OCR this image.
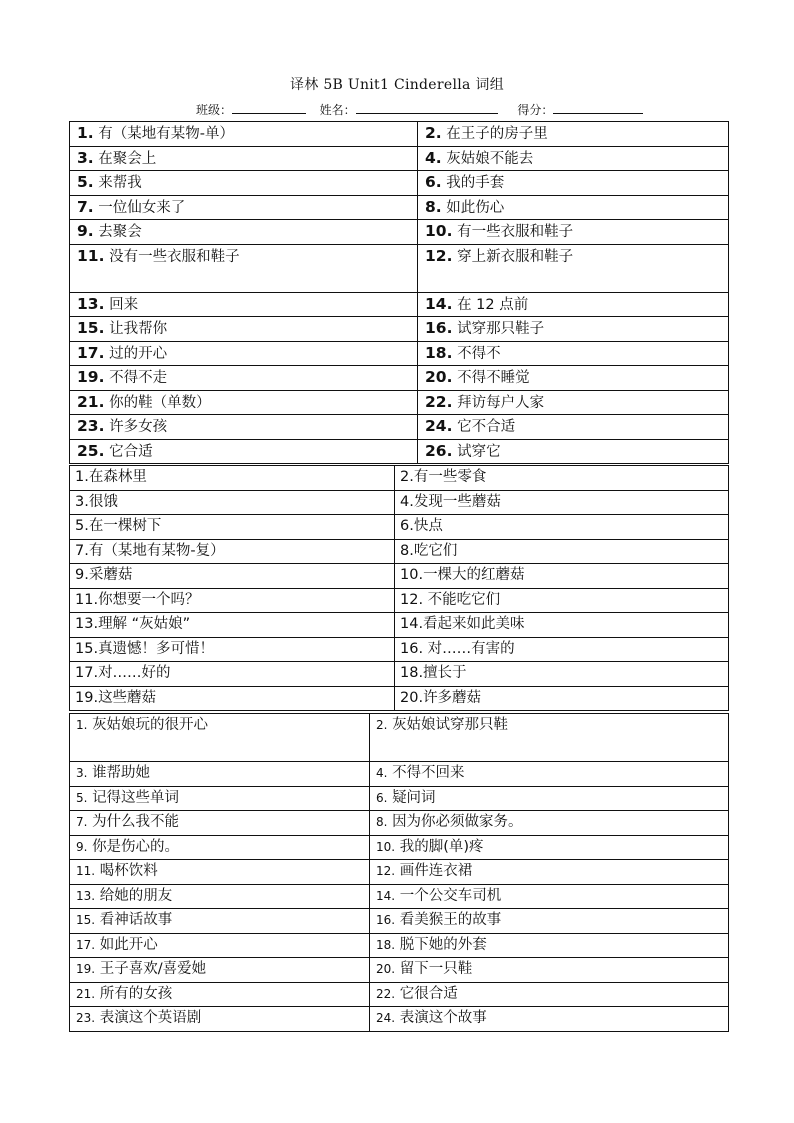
译林 5B Unit1 Cinderella 词组
班级：	姓名：	得分：
1. 有（某地有某物-单）	2. 在王子的房子里
3. 在聚会上	4. 灰姑娘不能去
5. 来帮我	6. 我的手套
7. 一位仙女来了	8. 如此伤心
9. 去聚会	10. 有一些衣服和鞋子
11. 没有一些衣服和鞋子	12. 穿上新衣服和鞋子
13. 回来	14. 在 12 点前
15. 让我帮你	16. 试穿那只鞋子
17. 过的开心	18. 不得不
19. 不得不走	20. 不得不睡觉
21. 你的鞋（单数）	22. 拜访每户人家
23. 许多女孩	24. 它不合适
25. 它合适	26. 试穿它
1.在森林里	2.有一些零食
3.很饿	4.发现一些蘑菇
5.在一棵树下	6.快点
7.有（某地有某物-复）	8.吃它们
9.采蘑菇	10.一棵大的红蘑菇
11.你想要一个吗？	12. 不能吃它们
13.理解 “灰姑娘”	14.看起来如此美味
15.真遗憾！多可惜！	16. 对……有害的
17.对……好的	18.擅长于
19.这些蘑菇	20.许多蘑菇
1. 灰姑娘玩的很开心	2. 灰姑娘试穿那只鞋
3. 谁帮助她	4. 不得不回来
5. 记得这些单词	6. 疑问词
7. 为什么我不能	8. 因为你必须做家务。
9. 你是伤心的。	10. 我的脚(单)疼
11. 喝杯饮料	12. 画件连衣裙
13. 给她的朋友	14. 一个公交车司机
15. 看神话故事	16. 看美猴王的故事
17. 如此开心	18. 脱下她的外套
19. 王子喜欢/喜爱她	20. 留下一只鞋
21. 所有的女孩	22. 它很合适
23. 表演这个英语剧	24. 表演这个故事
